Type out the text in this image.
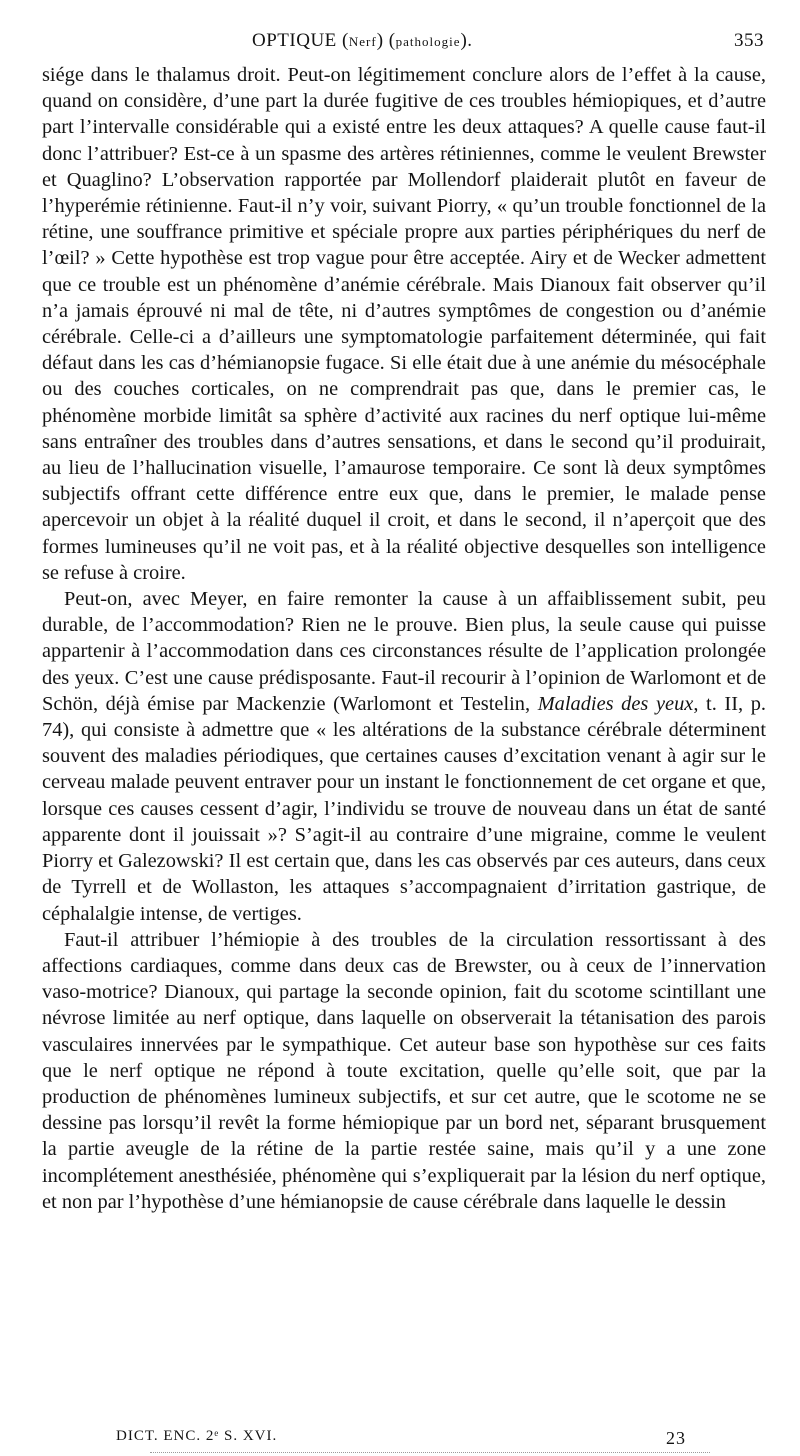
OPTIQUE (Nerf) (pathologie).	353

siége dans le thalamus droit. Peut-on légitimement conclure alors de l’effet à la cause, quand on considère, d’une part la durée fugitive de ces troubles hémiopiques, et d’autre part l’intervalle considérable qui a existé entre les deux attaques? A quelle cause faut-il donc l’attribuer? Est-ce à un spasme des artères rétiniennes, comme le veulent Brewster et Quaglino? L’observation rapportée par Mollendorf plaiderait plutôt en faveur de l’hyperémie rétinienne. Faut-il n’y voir, suivant Piorry, « qu’un trouble fonctionnel de la rétine, une souffrance primitive et spéciale propre aux parties périphériques du nerf de l’œil? » Cette hypothèse est trop vague pour être acceptée. Airy et de Wecker admettent que ce trouble est un phénomène d’anémie cérébrale. Mais Dianoux fait observer qu’il n’a jamais éprouvé ni mal de tête, ni d’autres symptômes de congestion ou d’anémie cérébrale. Celle-ci a d’ailleurs une symptomatologie parfaitement déterminée, qui fait défaut dans les cas d’hémianopsie fugace. Si elle était due à une anémie du mésocéphale ou des couches corticales, on ne comprendrait pas que, dans le premier cas, le phénomène morbide limitât sa sphère d’activité aux racines du nerf optique lui-même sans entraîner des troubles dans d’autres sensations, et dans le second qu’il produirait, au lieu de l’hallucination visuelle, l’amaurose temporaire. Ce sont là deux symptômes subjectifs offrant cette différence entre eux que, dans le premier, le malade pense apercevoir un objet à la réalité duquel il croit, et dans le second, il n’aperçoit que des formes lumineuses qu’il ne voit pas, et à la réalité objective desquelles son intelligence se refuse à croire.

Peut-on, avec Meyer, en faire remonter la cause à un affaiblissement subit, peu durable, de l’accommodation? Rien ne le prouve. Bien plus, la seule cause qui puisse appartenir à l’accommodation dans ces circonstances résulte de l’application prolongée des yeux. C’est une cause prédisposante. Faut-il recourir à l’opinion de Warlomont et de Schön, déjà émise par Mackenzie (Warlomont et Testelin, Maladies des yeux, t. II, p. 74), qui consiste à admettre que « les altérations de la substance cérébrale déterminent souvent des maladies périodiques, que certaines causes d’excitation venant à agir sur le cerveau malade peuvent entraver pour un instant le fonctionnement de cet organe et que, lorsque ces causes cessent d’agir, l’individu se trouve de nouveau dans un état de santé apparente dont il jouissait »? S’agit-il au contraire d’une migraine, comme le veulent Piorry et Galezowski? Il est certain que, dans les cas observés par ces auteurs, dans ceux de Tyrrell et de Wollaston, les attaques s’accompagnaient d’irritation gastrique, de céphalalgie intense, de vertiges.

Faut-il attribuer l’hémiopie à des troubles de la circulation ressortissant à des affections cardiaques, comme dans deux cas de Brewster, ou à ceux de l’innervation vaso-motrice? Dianoux, qui partage la seconde opinion, fait du scotome scintillant une névrose limitée au nerf optique, dans laquelle on observerait la tétanisation des parois vasculaires innervées par le sympathique. Cet auteur base son hypothèse sur ces faits que le nerf optique ne répond à toute excitation, quelle qu’elle soit, que par la production de phénomènes lumineux subjectifs, et sur cet autre, que le scotome ne se dessine pas lorsqu’il revêt la forme hémiopique par un bord net, séparant brusquement la partie aveugle de la rétine de la partie restée saine, mais qu’il y a une zone incomplétement anesthésiée, phénomène qui s’expliquerait par la lésion du nerf optique, et non par l’hypothèse d’une hémianopsie de cause cérébrale dans laquelle le dessin

DICT. ENC. 2ᵉ S. XVI.	23
